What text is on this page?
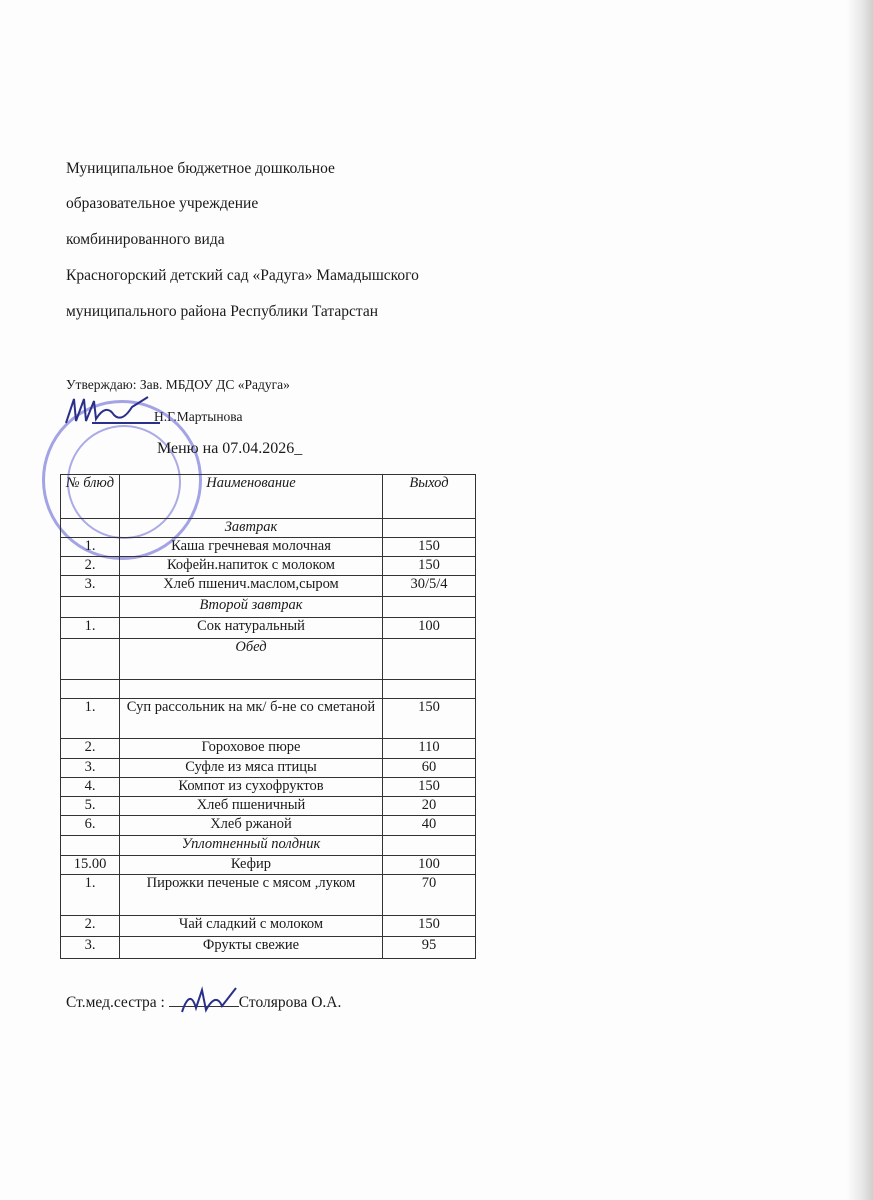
Муниципальное бюджетное дошкольное
образовательное учреждение
комбинированного вида
Красногорский детский сад «Радуга» Мамадышского
муниципального района Республики Татарстан
Утверждаю: Зав. МБДОУ ДС «Радуга»
Н.Г.Мартынова
Меню на 07.04.2026_
№ блюд	Наименование	Выход
	Завтрак	
1.	Каша гречневая молочная	150
2.	Кофейн.напиток с молоком	150
3.	Хлеб пшенич.маслом,сыром	30/5/4
	Второй завтрак	
1.	Сок натуральный	100
	Обед	

1.	Суп рассольник на мк/ б-не со сметаной	150
2.	Гороховое пюре	110
3.	Суфле из мяса птицы	60
4.	Компот из сухофруктов	150
5.	Хлеб пшеничный	20
6.	Хлеб ржаной	40
	Уплотненный полдник	
15.00	Кефир	100
1.	Пирожки печеные с мясом ,луком	70
2.	Чай сладкий с молоком	150
3.	Фрукты свежие	95
Ст.мед.сестра :	Столярова О.А.
